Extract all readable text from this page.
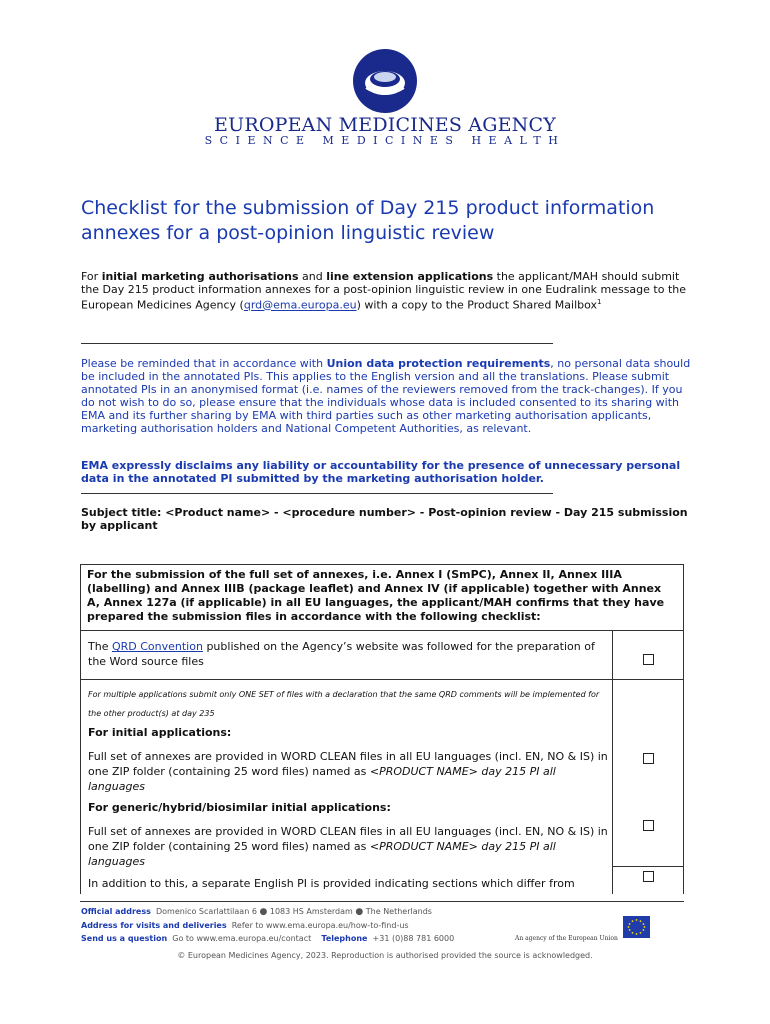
EUROPEAN MEDICINES AGENCY
SCIENCE MEDICINES HEALTH
Checklist for the submission of Day 215 product information annexes for a post-opinion linguistic review

For initial marketing authorisations and line extension applications the applicant/MAH should submit the Day 215 product information annexes for a post-opinion linguistic review in one Eudralink message to the European Medicines Agency (qrd@ema.europa.eu) with a copy to the Product Shared Mailbox$^1$

Please be reminded that in accordance with Union data protection requirements, no personal data should be included in the annotated PIs. This applies to the English version and all the translations. Please submit annotated PIs in an anonymised format (i.e. names of the reviewers removed from the track-changes). If you do not wish to do so, please ensure that the individuals whose data is included consented to its sharing with EMA and its further sharing by EMA with third parties such as other marketing authorisation applicants, marketing authorisation holders and National Competent Authorities, as relevant.

EMA expressly disclaims any liability or accountability for the presence of unnecessary personal data in the annotated PI submitted by the marketing authorisation holder.

Subject title: <Product name> - <procedure number> - Post-opinion review - Day 215 submission by applicant

For the submission of the full set of annexes, i.e. Annex I (SmPC), Annex II, Annex IIIA (labelling) and Annex IIIB (package leaflet) and Annex IV (if applicable) together with Annex A, Annex 127a (if applicable) in all EU languages, the applicant/MAH confirms that they have prepared the submission files in accordance with the following checklist:
The QRD Convention published on the Agency’s website was followed for the preparation of the Word source files
For multiple applications submit only ONE SET of files with a declaration that the same QRD comments will be implemented for the other product(s) at day 235
For initial applications:
Full set of annexes are provided in WORD CLEAN files in all EU languages (incl. EN, NO & IS) in one ZIP folder (containing 25 word files) named as <PRODUCT NAME> day 215 PI all languages
For generic/hybrid/biosimilar initial applications:
Full set of annexes are provided in WORD CLEAN files in all EU languages (incl. EN, NO & IS) in one ZIP folder (containing 25 word files) named as <PRODUCT NAME> day 215 PI all languages
In addition to this, a separate English PI is provided indicating sections which differ from
Official address Domenico Scarlattilaan 6 ● 1083 HS Amsterdam ● The Netherlands
Address for visits and deliveries Refer to www.ema.europa.eu/how-to-find-us
Send us a question Go to www.ema.europa.eu/contact Telephone +31 (0)88 781 6000	An agency of the European Union
© European Medicines Agency, 2023. Reproduction is authorised provided the source is acknowledged.
